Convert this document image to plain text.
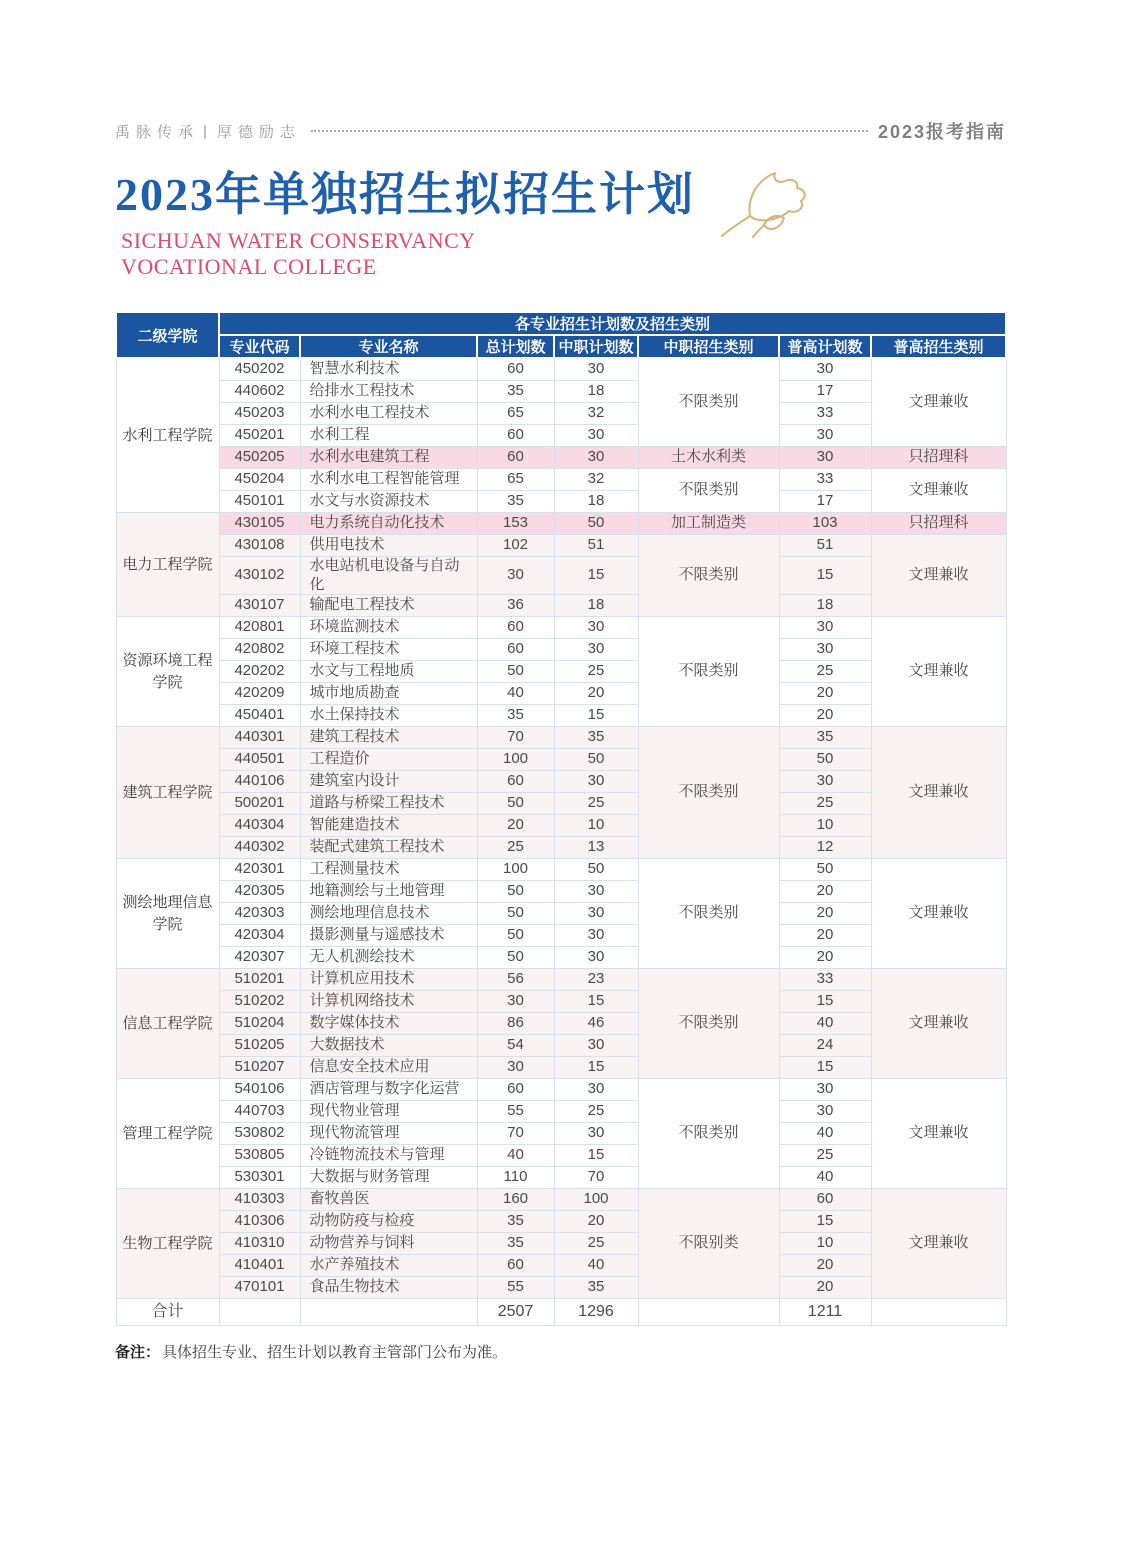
禹脉传承 | 厚德励志	2023报考指南
2023年单独招生拟招生计划
SICHUAN WATER CONSERVANCY
VOCATIONAL COLLEGE
二级学院	各专业招生计划数及招生类别						
	专业代码	专业名称	总计划数	中职计划数	中职招生类别	普高计划数	普高招生类别
水利工程学院	450202	智慧水利技术	60	30	不限类别	30	文理兼收
	440602	给排水工程技术	35	18		17	
	450203	水利水电工程技术	65	32		33	
	450201	水利工程	60	30		30	
	450205	水利水电建筑工程	60	30	土木水利类	30	只招理科
	450204	水利水电工程智能管理	65	32	不限类别	33	文理兼收
	450101	水文与水资源技术	35	18		17	
电力工程学院	430105	电力系统自动化技术	153	50	加工制造类	103	只招理科
	430108	供用电技术	102	51	不限类别	51	文理兼收
	430102	水电站机电设备与自动化	30	15		15	
	430107	输配电工程技术	36	18		18	
资源环境工程学院	420801	环境监测技术	60	30	不限类别	30	文理兼收
	420802	环境工程技术	60	30		30	
	420202	水文与工程地质	50	25		25	
	420209	城市地质勘查	40	20		20	
	450401	水土保持技术	35	15		20	
建筑工程学院	440301	建筑工程技术	70	35	不限类别	35	文理兼收
	440501	工程造价	100	50		50	
	440106	建筑室内设计	60	30		30	
	500201	道路与桥梁工程技术	50	25		25	
	440304	智能建造技术	20	10		10	
	440302	装配式建筑工程技术	25	13		12	
测绘地理信息学院	420301	工程测量技术	100	50	不限类别	50	文理兼收
	420305	地籍测绘与土地管理	50	30		20	
	420303	测绘地理信息技术	50	30		20	
	420304	摄影测量与遥感技术	50	30		20	
	420307	无人机测绘技术	50	30		20	
信息工程学院	510201	计算机应用技术	56	23	不限类别	33	文理兼收
	510202	计算机网络技术	30	15		15	
	510204	数字媒体技术	86	46		40	
	510205	大数据技术	54	30		24	
	510207	信息安全技术应用	30	15		15	
管理工程学院	540106	酒店管理与数字化运营	60	30	不限类别	30	文理兼收
	440703	现代物业管理	55	25		30	
	530802	现代物流管理	70	30		40	
	530805	冷链物流技术与管理	40	15		25	
	530301	大数据与财务管理	110	70		40	
生物工程学院	410303	畜牧兽医	160	100	不限别类	60	文理兼收
	410306	动物防疫与检疫	35	20		15	
	410310	动物营养与饲料	35	25		10	
	410401	水产养殖技术	60	40		20	
	470101	食品生物技术	55	35		20	
合计			2507	1296		1211	
备注： 具体招生专业、招生计划以教育主管部门公布为准。
